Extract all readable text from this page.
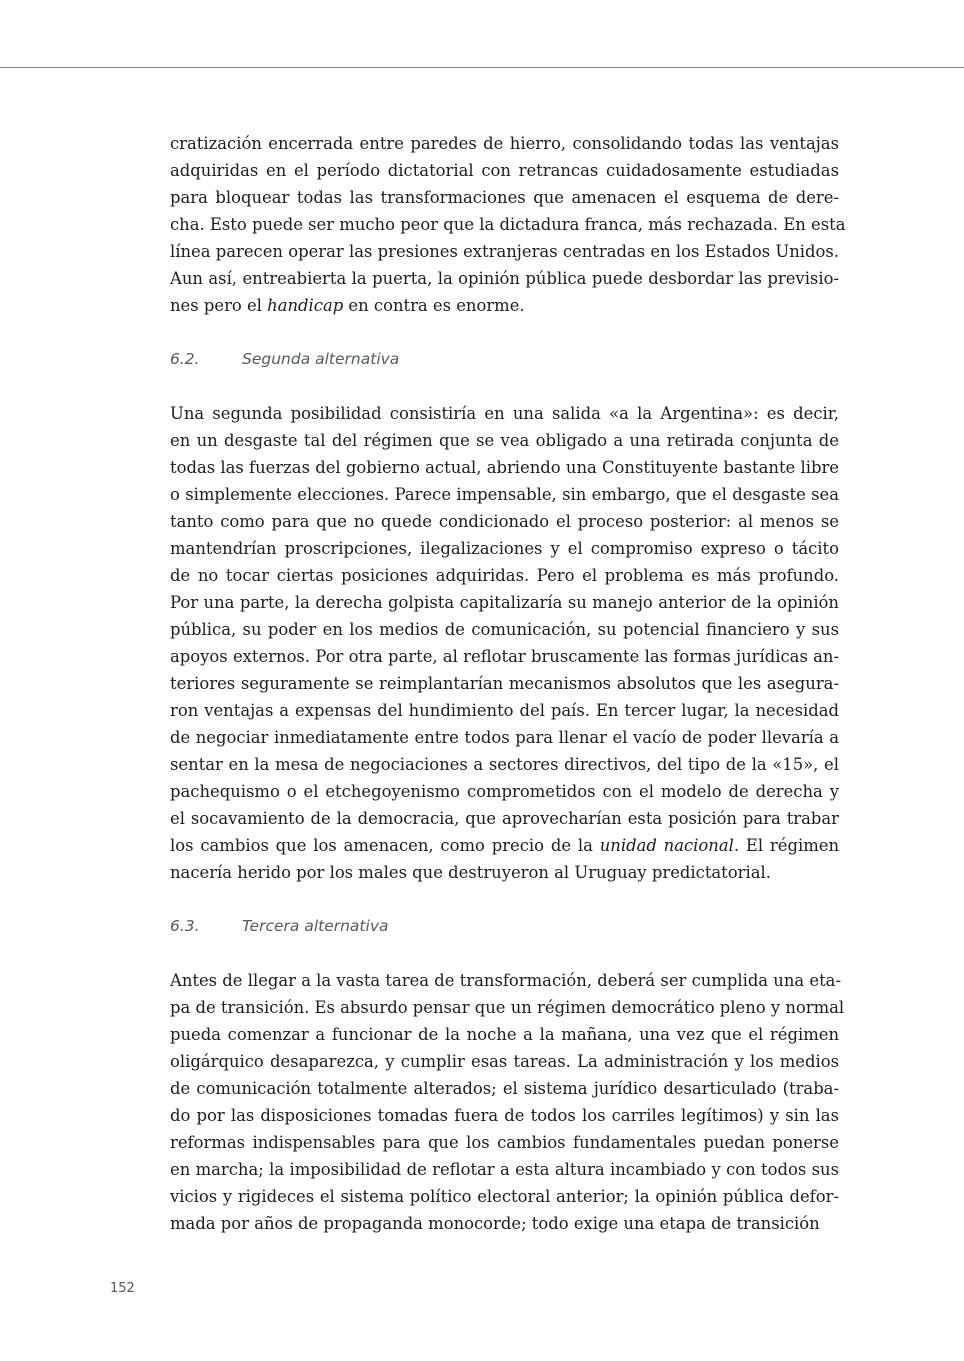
cratización encerrada entre paredes de hierro, consolidando todas las ventajas
adquiridas en el período dictatorial con retrancas cuidadosamente estudiadas
para bloquear todas las transformaciones que amenacen el esquema de dere-
cha. Esto puede ser mucho peor que la dictadura franca, más rechazada. En esta
línea parecen operar las presiones extranjeras centradas en los Estados Unidos.
Aun así, entreabierta la puerta, la opinión pública puede desbordar las previsio-
nes pero el handicap en contra es enorme.

6.2.	Segunda alternativa

Una segunda posibilidad consistiría en una salida «a la Argentina»: es decir,
en un desgaste tal del régimen que se vea obligado a una retirada conjunta de
todas las fuerzas del gobierno actual, abriendo una Constituyente bastante libre
o simplemente elecciones. Parece impensable, sin embargo, que el desgaste sea
tanto como para que no quede condicionado el proceso posterior: al menos se
mantendrían proscripciones, ilegalizaciones y el compromiso expreso o tácito
de no tocar ciertas posiciones adquiridas. Pero el problema es más profundo.
Por una parte, la derecha golpista capitalizaría su manejo anterior de la opinión
pública, su poder en los medios de comunicación, su potencial financiero y sus
apoyos externos. Por otra parte, al reflotar bruscamente las formas jurídicas an-
teriores seguramente se reimplantarían mecanismos absolutos que les asegura-
ron ventajas a expensas del hundimiento del país. En tercer lugar, la necesidad
de negociar inmediatamente entre todos para llenar el vacío de poder llevaría a
sentar en la mesa de negociaciones a sectores directivos, del tipo de la «15», el
pachequismo o el etchegoyenismo comprometidos con el modelo de derecha y
el socavamiento de la democracia, que aprovecharían esta posición para trabar
los cambios que los amenacen, como precio de la unidad nacional. El régimen
nacería herido por los males que destruyeron al Uruguay predictatorial.

6.3.	Tercera alternativa

Antes de llegar a la vasta tarea de transformación, deberá ser cumplida una eta-
pa de transición. Es absurdo pensar que un régimen democrático pleno y normal
pueda comenzar a funcionar de la noche a la mañana, una vez que el régimen
oligárquico desaparezca, y cumplir esas tareas. La administración y los medios
de comunicación totalmente alterados; el sistema jurídico desarticulado (traba-
do por las disposiciones tomadas fuera de todos los carriles legítimos) y sin las
reformas indispensables para que los cambios fundamentales puedan ponerse
en marcha; la imposibilidad de reflotar a esta altura incambiado y con todos sus
vicios y rigideces el sistema político electoral anterior; la opinión pública defor-
mada por años de propaganda monocorde; todo exige una etapa de transición

152
